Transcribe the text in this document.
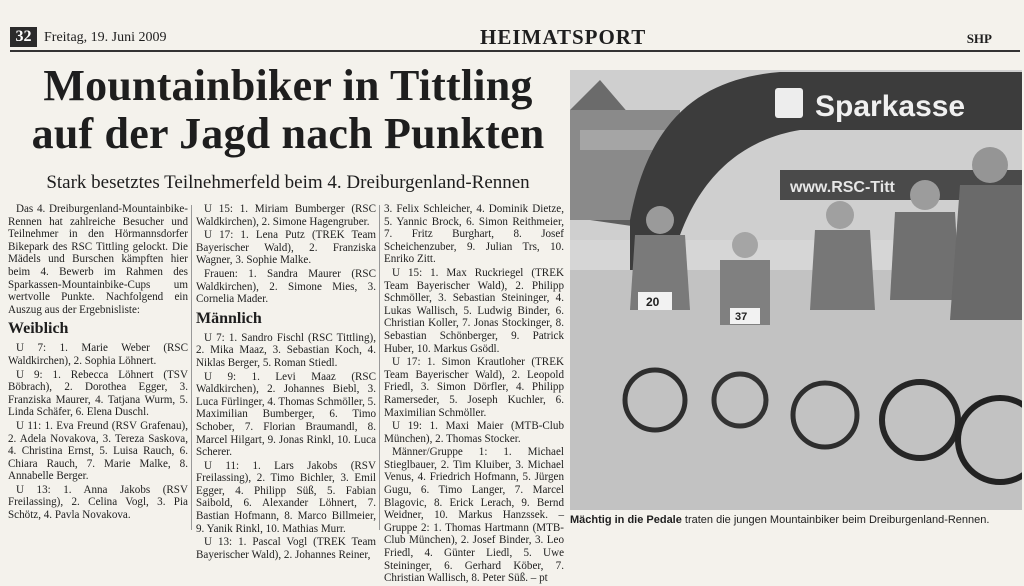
32 Freitag, 19. Juni 2009	HEIMATSPORT	SHP
Mountainbiker in Tittling
auf der Jagd nach Punkten
Stark besetztes Teilnehmerfeld beim 4. Dreiburgenland-Rennen

Das 4. Dreiburgenland-Mountainbike-Rennen hat zahlreiche Besucher und Teilnehmer in den Hörmannsdorfer Bikepark des RSC Tittling gelockt. Die Mädels und Burschen kämpften hier beim 4. Bewerb im Rahmen des Sparkassen-Mountainbike-Cups um wertvolle Punkte. Nachfolgend ein Auszug aus der Ergebnisliste:

Weiblich

U 7: 1. Marie Weber (RSC Waldkirchen), 2. Sophia Löhnert.

U 9: 1. Rebecca Löhnert (TSV Böbrach), 2. Dorothea Egger, 3. Franziska Maurer, 4. Tatjana Wurm, 5. Linda Schäfer, 6. Elena Duschl.

U 11: 1. Eva Freund (RSV Grafenau), 2. Adela Novakova, 3. Tereza Saskova, 4. Christina Ernst, 5. Luisa Rauch, 6. Chiara Rauch, 7. Marie Malke, 8. Annabelle Berger.

U 13: 1. Anna Jakobs (RSV Freilassing), 2. Celina Vogl, 3. Pia Schötz, 4. Pavla Novakova.

U 15: 1. Miriam Bumberger (RSC Waldkirchen), 2. Simone Hagengruber.

U 17: 1. Lena Putz (TREK Team Bayerischer Wald), 2. Franziska Wagner, 3. Sophie Malke.

Frauen: 1. Sandra Maurer (RSC Waldkirchen), 2. Simone Mies, 3. Cornelia Mader.

Männlich

U 7: 1. Sandro Fischl (RSC Tittling), 2. Mika Maaz, 3. Sebastian Koch, 4. Niklas Berger, 5. Roman Stiedl.

U 9: 1. Levi Maaz (RSC Waldkirchen), 2. Johannes Biebl, 3. Luca Fürlinger, 4. Thomas Schmöller, 5. Maximilian Bumberger, 6. Timo Schober, 7. Florian Braumandl, 8. Marcel Hilgart, 9. Jonas Rinkl, 10. Luca Scherer.

U 11: 1. Lars Jakobs (RSV Freilassing), 2. Timo Bichler, 3. Emil Egger, 4. Philipp Süß, 5. Fabian Saibold, 6. Alexander Löhnert, 7. Bastian Hofmann, 8. Marco Billmeier, 9. Yanik Rinkl, 10. Mathias Murr.

U 13: 1. Pascal Vogl (TREK Team Bayerischer Wald), 2. Johannes Reiner,

3. Felix Schleicher, 4. Dominik Dietze, 5. Yannic Brock, 6. Simon Reithmeier, 7. Fritz Burghart, 8. Josef Scheichenzuber, 9. Julian Trs, 10. Enriko Zitt.

U 15: 1. Max Ruckriegel (TREK Team Bayerischer Wald), 2. Philipp Schmöller, 3. Sebastian Steininger, 4. Lukas Wallisch, 5. Ludwig Binder, 6. Christian Koller, 7. Jonas Stockinger, 8. Sebastian Schönberger, 9. Patrick Huber, 10. Markus Gsödl.

U 17: 1. Simon Krautloher (TREK Team Bayerischer Wald), 2. Leopold Friedl, 3. Simon Dörfler, 4. Philipp Ramerseder, 5. Joseph Kuchler, 6. Maximilian Schmöller.

U 19: 1. Maxi Maier (MTB-Club München), 2. Thomas Stocker.

Männer/Gruppe 1: 1. Michael Stieglbauer, 2. Tim Kluiber, 3. Michael Venus, 4. Friedrich Hofmann, 5. Jürgen Gugu, 6. Timo Langer, 7. Marcel Blagovic, 8. Erick Lerach, 9. Bernd Weidner, 10. Markus Hanzssek. – Gruppe 2: 1. Thomas Hartmann (MTB-Club München), 2. Josef Binder, 3. Leo Friedl, 4. Günter Liedl, 5. Uwe Steininger, 6. Gerhard Köber, 7. Christian Wallisch, 8. Peter Süß. – pt

Sparkasse
www.RSC-Titt
20
37
Mächtig in die Pedale traten die jungen Mountainbiker beim Dreiburgenland-Rennen.
